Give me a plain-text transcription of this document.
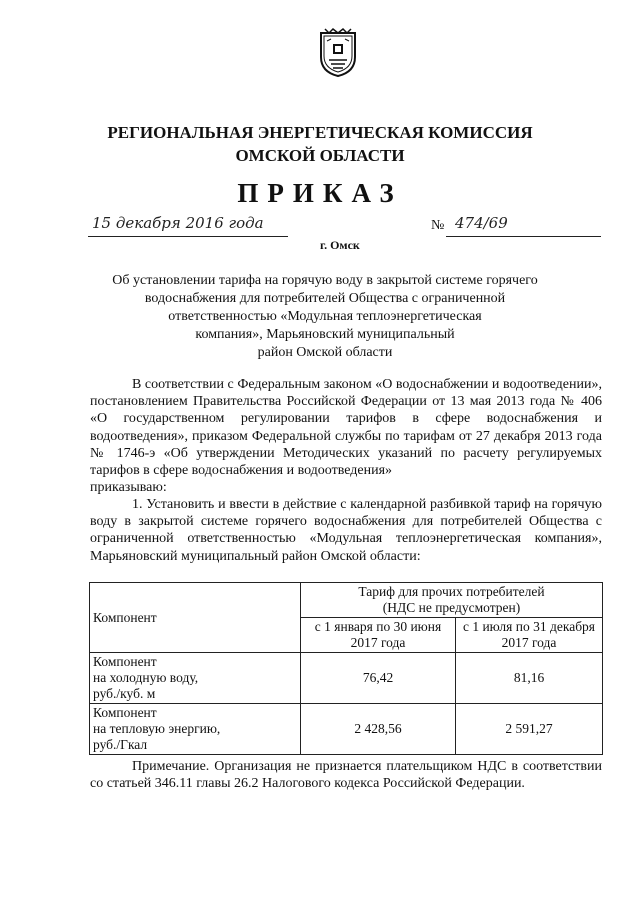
РЕГИОНАЛЬНАЯ ЭНЕРГЕТИЧЕСКАЯ КОМИССИЯ
ОМСКОЙ ОБЛАСТИ
ПРИКАЗ
15 декабря 2016 года	№ 474/69
г. Омск
Об установлении тарифа на горячую воду в закрытой системе горячего
водоснабжения для потребителей Общества с ограниченной
ответственностью «Модульная теплоэнергетическая
компания», Марьяновский муниципальный
район Омской области
В соответствии с Федеральным законом «О водоснабжении и водоотведении», постановлением Правительства Российской Федерации от 13 мая 2013 года № 406 «О государственном регулировании тарифов в сфере водоснабжения и водоотведения», приказом Федеральной службы по тарифам от 27 декабря 2013 года № 1746-э «Об утверждении Методических указаний по расчету регулируемых тарифов в сфере водоснабжения и водоотведения»
приказываю:
1. Установить и ввести в действие с календарной разбивкой тариф на горячую воду в закрытой системе горячего водоснабжения для потребителей Общества с ограниченной ответственностью «Модульная теплоэнергетическая компания», Марьяновский муниципальный район Омской области:
Компонент	Тариф для прочих потребителей
(НДС не предусмотрен)	

	с 1 января по 30 июня 2017 года	с 1 июля по 31 декабря 2017 года

Компонент
на холодную воду,
руб./куб. м	76,42	81,16

Компонент
на тепловую энергию,
руб./Гкал	2 428,56	2 591,27
Примечание. Организация не признается плательщиком НДС в соответствии со статьей 346.11 главы 26.2 Налогового кодекса Российской Федерации.
